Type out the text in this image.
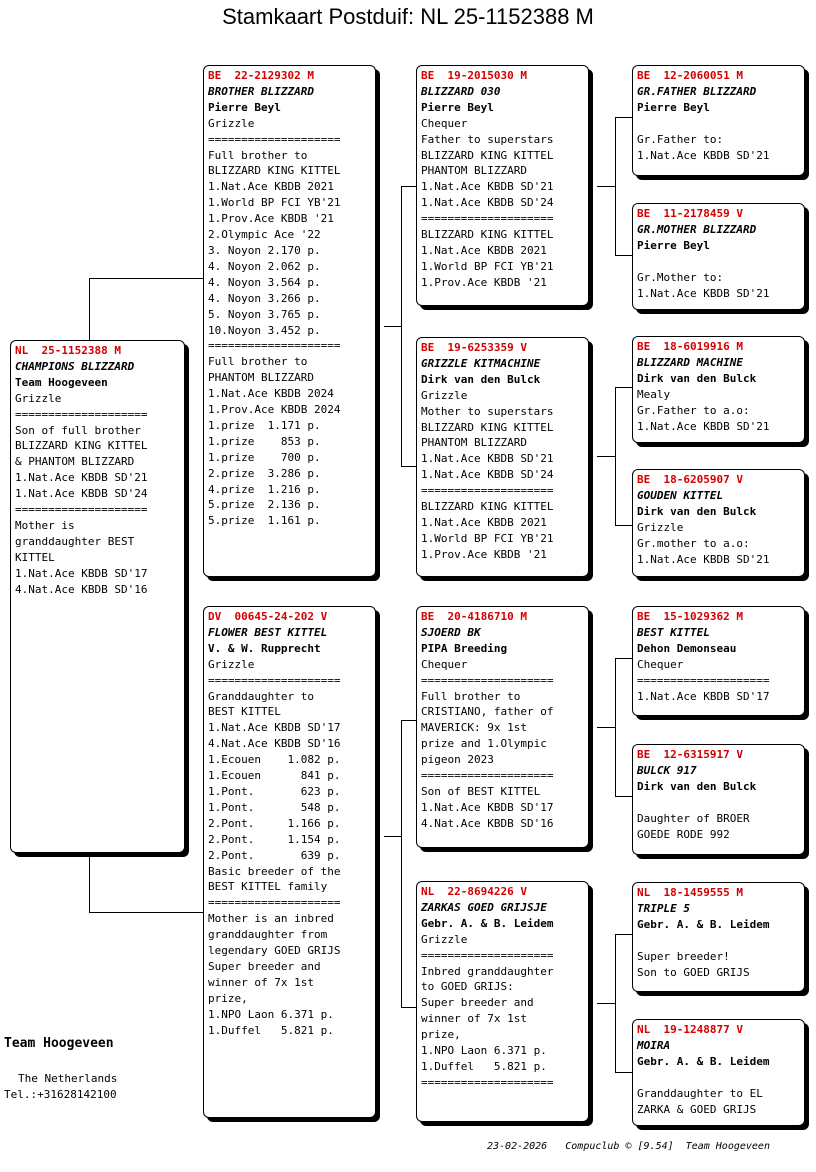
Stamkaart Postduif: NL 25-1152388 M
NL  25-1152388 M
CHAMPIONS BLIZZARD
Team Hoogeveen
Grizzle
====================
Son of full brother
BLIZZARD KING KITTEL
& PHANTOM BLIZZARD
1.Nat.Ace KBDB SD'21
1.Nat.Ace KBDB SD'24
====================
Mother is
granddaughter BEST
KITTEL
1.Nat.Ace KBDB SD'17
4.Nat.Ace KBDB SD'16
BE  22-2129302 M
BROTHER BLIZZARD
Pierre Beyl
Grizzle
====================
Full brother to
BLIZZARD KING KITTEL
1.Nat.Ace KBDB 2021
1.World BP FCI YB'21
1.Prov.Ace KBDB '21
2.Olympic Ace '22
3. Noyon 2.170 p.
4. Noyon 2.062 p.
4. Noyon 3.564 p.
4. Noyon 3.266 p.
5. Noyon 3.765 p.
10.Noyon 3.452 p.
====================
Full brother to
PHANTOM BLIZZARD
1.Nat.Ace KBDB 2024
1.Prov.Ace KBDB 2024
1.prize  1.171 p.
1.prize    853 p.
1.prize    700 p.
2.prize  3.286 p.
4.prize  1.216 p.
5.prize  2.136 p.
5.prize  1.161 p.
DV  00645-24-202 V
FLOWER BEST KITTEL
V. & W. Rupprecht
Grizzle
====================
Granddaughter to
BEST KITTEL
1.Nat.Ace KBDB SD'17
4.Nat.Ace KBDB SD'16
1.Ecouen    1.082 p.
1.Ecouen      841 p.
1.Pont.       623 p.
1.Pont.       548 p.
2.Pont.     1.166 p.
2.Pont.     1.154 p.
2.Pont.       639 p.
Basic breeder of the
BEST KITTEL family
====================
Mother is an inbred
granddaughter from
legendary GOED GRIJS
Super breeder and
winner of 7x 1st
prize,
1.NPO Laon 6.371 p.
1.Duffel   5.821 p.
BE  19-2015030 M
BLIZZARD 030
Pierre Beyl
Chequer
Father to superstars
BLIZZARD KING KITTEL
PHANTOM BLIZZARD
1.Nat.Ace KBDB SD'21
1.Nat.Ace KBDB SD'24
====================
BLIZZARD KING KITTEL
1.Nat.Ace KBDB 2021
1.World BP FCI YB'21
1.Prov.Ace KBDB '21
BE  19-6253359 V
GRIZZLE KITMACHINE
Dirk van den Bulck
Grizzle
Mother to superstars
BLIZZARD KING KITTEL
PHANTOM BLIZZARD
1.Nat.Ace KBDB SD'21
1.Nat.Ace KBDB SD'24
====================
BLIZZARD KING KITTEL
1.Nat.Ace KBDB 2021
1.World BP FCI YB'21
1.Prov.Ace KBDB '21
BE  20-4186710 M
SJOERD BK
PIPA Breeding
Chequer
====================
Full brother to
CRISTIANO, father of
MAVERICK: 9x 1st
prize and 1.Olympic
pigeon 2023
====================
Son of BEST KITTEL
1.Nat.Ace KBDB SD'17
4.Nat.Ace KBDB SD'16
NL  22-8694226 V
ZARKAS GOED GRIJSJE
Gebr. A. & B. Leidem
Grizzle
====================
Inbred granddaughter
to GOED GRIJS:
Super breeder and
winner of 7x 1st
prize,
1.NPO Laon 6.371 p.
1.Duffel   5.821 p.
====================
BE  12-2060051 M
GR.FATHER BLIZZARD
Pierre Beyl
Gr.Father to:
1.Nat.Ace KBDB SD'21
BE  11-2178459 V
GR.MOTHER BLIZZARD
Pierre Beyl
Gr.Mother to:
1.Nat.Ace KBDB SD'21
BE  18-6019916 M
BLIZZARD MACHINE
Dirk van den Bulck
Mealy
Gr.Father to a.o:
1.Nat.Ace KBDB SD'21
BE  18-6205907 V
GOUDEN KITTEL
Dirk van den Bulck
Grizzle
Gr.mother to a.o:
1.Nat.Ace KBDB SD'21
BE  15-1029362 M
BEST KITTEL
Dehon Demonseau
Chequer
====================
1.Nat.Ace KBDB SD'17
BE  12-6315917 V
BULCK 917
Dirk van den Bulck
Daughter of BROER
GOEDE RODE 992
NL  18-1459555 M
TRIPLE 5
Gebr. A. & B. Leidem
Super breeder!
Son to GOED GRIJS
NL  19-1248877 V
MOIRA
Gebr. A. & B. Leidem
Granddaughter to EL
ZARKA & GOED GRIJS
Team Hoogeveen
The Netherlands
Tel.:+31628142100
23-02-2026   Compuclub © [9.54]  Team Hoogeveen
